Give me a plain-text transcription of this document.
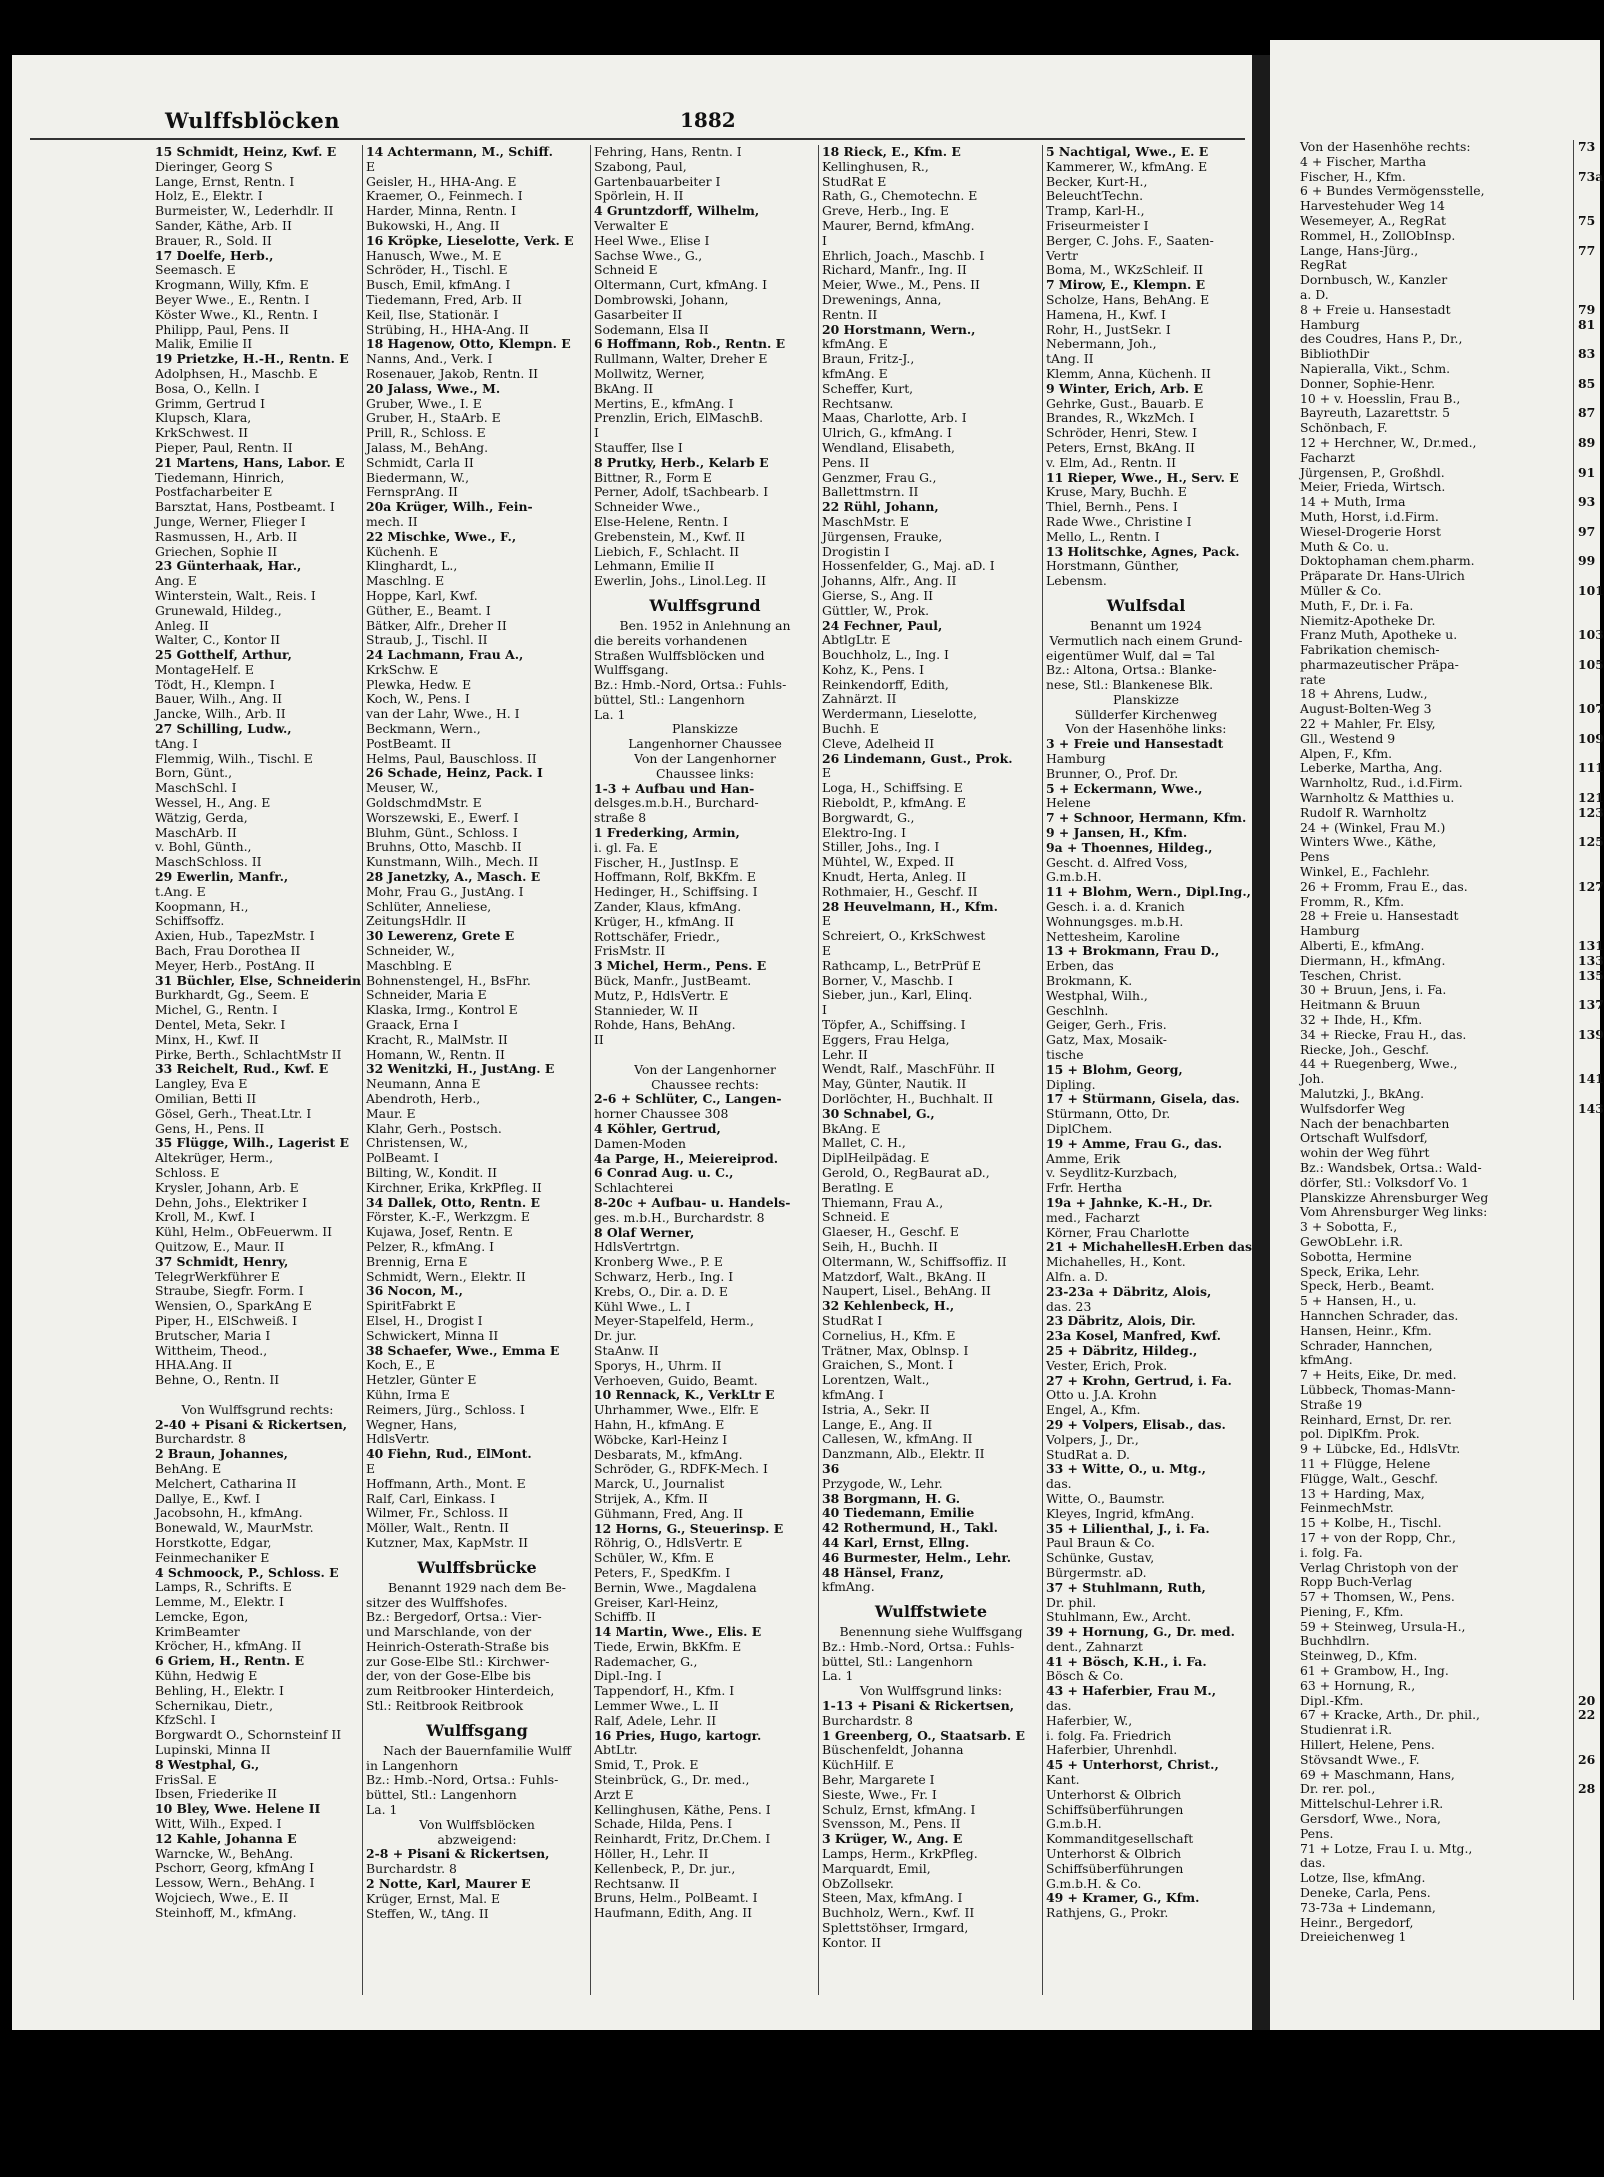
Wulffsblöcken	1882
15 Schmidt, Heinz, Kwf. E
Dieringer, Georg S
Lange, Ernst, Rentn. I
Holz, E., Elektr. I
Burmeister, W., Lederhdlr. II
Sander, Käthe, Arb. II
Brauer, R., Sold. II
17 Doelfe, Herb.,
Seemasch. E
Krogmann, Willy, Kfm. E
Beyer Wwe., E., Rentn. I
Köster Wwe., Kl., Rentn. I
Philipp, Paul, Pens. II
Malik, Emilie II
19 Prietzke, H.-H., Rentn. E
Adolphsen, H., Maschb. E
Bosa, O., Kelln. I
Grimm, Gertrud I
Klupsch, Klara,
KrkSchwest. II
Pieper, Paul, Rentn. II
21 Martens, Hans, Labor. E
Tiedemann, Hinrich,
Postfacharbeiter E
Barsztat, Hans, Postbeamt. I
Junge, Werner, Flieger I
Rasmussen, H., Arb. II
Griechen, Sophie II
23 Günterhaak, Har.,
Ang. E
Winterstein, Walt., Reis. I
Grunewald, Hildeg.,
Anleg. II
Walter, C., Kontor II
25 Gotthelf, Arthur,
MontageHelf. E
Tödt, H., Klempn. I
Bauer, Wilh., Ang. II
Jancke, Wilh., Arb. II
27 Schilling, Ludw.,
tAng. I
Flemmig, Wilh., Tischl. E
Born, Günt.,
MaschSchl. I
Wessel, H., Ang. E
Wätzig, Gerda,
MaschArb. II
v. Bohl, Günth.,
MaschSchloss. II
29 Ewerlin, Manfr.,
t.Ang. E
Koopmann, H.,
Schiffsoffz.
Axien, Hub., TapezMstr. I
Bach, Frau Dorothea II
Meyer, Herb., PostAng. II
31 Büchler, Else, Schneiderin
Burkhardt, Gg., Seem. E
Michel, G., Rentn. I
Dentel, Meta, Sekr. I
Minx, H., Kwf. II
Pirke, Berth., SchlachtMstr II
33 Reichelt, Rud., Kwf. E
Langley, Eva E
Omilian, Betti II
Gösel, Gerh., Theat.Ltr. I
Gens, H., Pens. II
35 Flügge, Wilh., Lagerist E
Altekrüger, Herm.,
Schloss. E
Krysler, Johann, Arb. E
Dehn, Johs., Elektriker I
Kroll, M., Kwf. I
Kühl, Helm., ObFeuerwm. II
Quitzow, E., Maur. II
37 Schmidt, Henry,
TelegrWerkführer E
Straube, Siegfr. Form. I
Wensien, O., SparkAng E
Piper, H., ElSchweiß. I
Brutscher, Maria I
Wittheim, Theod.,
HHA.Ang. II
Behne, O., Rentn. II
Von Wulffsgrund rechts:
2-40 + Pisani & Rickertsen,
Burchardstr. 8
2 Braun, Johannes,
BehAng. E
Melchert, Catharina II
Dallye, E., Kwf. I
Jacobsohn, H., kfmAng.
Bonewald, W., MaurMstr.
Horstkotte, Edgar,
Feinmechaniker E
4 Schmoock, P., Schloss. E
Lamps, R., Schrifts. E
Lemme, M., Elektr. I
Lemcke, Egon,
KrimBeamter
Kröcher, H., kfmAng. II
6 Griem, H., Rentn. E
Kühn, Hedwig E
Behling, H., Elektr. I
Schernikau, Dietr.,
KfzSchl. I
Borgwardt O., Schornsteinf II
Lupinski, Minna II
8 Westphal, G.,
FrisSal. E
Ibsen, Friederike II
10 Bley, Wwe. Helene II
Witt, Wilh., Exped. I
12 Kahle, Johanna E
Warncke, W., BehAng.
Pschorr, Georg, kfmAng I
Lessow, Wern., BehAng. I
Wojciech, Wwe., E. II
Steinhoff, M., kfmAng.
14 Achtermann, M., Schiff.
E
Geisler, H., HHA-Ang. E
Kraemer, O., Feinmech. I
Harder, Minna, Rentn. I
Bukowski, H., Ang. II
16 Kröpke, Lieselotte, Verk. E
Hanusch, Wwe., M. E
Schröder, H., Tischl. E
Busch, Emil, kfmAng. I
Tiedemann, Fred, Arb. II
Keil, Ilse, Stationär. I
Strübing, H., HHA-Ang. II
18 Hagenow, Otto, Klempn. E
Nanns, And., Verk. I
Rosenauer, Jakob, Rentn. II
20 Jalass, Wwe., M.
Gruber, Wwe., I. E
Gruber, H., StaArb. E
Prill, R., Schloss. E
Jalass, M., BehAng.
Schmidt, Carla II
Biedermann, W.,
FernsprAng. II
20a Krüger, Wilh., Fein-
mech. II
22 Mischke, Wwe., F.,
Küchenh. E
Klinghardt, L.,
Maschlng. E
Hoppe, Karl, Kwf.
Güther, E., Beamt. I
Bätker, Alfr., Dreher II
Straub, J., Tischl. II
24 Lachmann, Frau A.,
KrkSchw. E
Plewka, Hedw. E
Koch, W., Pens. I
van der Lahr, Wwe., H. I
Beckmann, Wern.,
PostBeamt. II
Helms, Paul, Bauschloss. II
26 Schade, Heinz, Pack. I
Meuser, W.,
GoldschmdMstr. E
Worszewski, E., Ewerf. I
Bluhm, Günt., Schloss. I
Bruhns, Otto, Maschb. II
Kunstmann, Wilh., Mech. II
28 Janetzky, A., Masch. E
Mohr, Frau G., JustAng. I
Schlüter, Anneliese,
ZeitungsHdlr. II
30 Lewerenz, Grete E
Schneider, W.,
Maschblng. E
Bohnenstengel, H., BsFhr.
Schneider, Maria E
Klaska, Irmg., Kontrol E
Graack, Erna I
Kracht, R., MalMstr. II
Homann, W., Rentn. II
32 Wenitzki, H., JustAng. E
Neumann, Anna E
Abendroth, Herb.,
Maur. E
Klahr, Gerh., Postsch.
Christensen, W.,
PolBeamt. I
Bilting, W., Kondit. II
Kirchner, Erika, KrkPfleg. II
34 Dallek, Otto, Rentn. E
Förster, K.-F., Werkzgm. E
Kujawa, Josef, Rentn. E
Pelzer, R., kfmAng. I
Brennig, Erna E
Schmidt, Wern., Elektr. II
36 Nocon, M.,
SpiritFabrkt E
Elsel, H., Drogist I
Schwickert, Minna II
38 Schaefer, Wwe., Emma E
Koch, E., E
Hetzler, Günter E
Kühn, Irma E
Reimers, Jürg., Schloss. I
Wegner, Hans,
HdlsVertr.
40 Fiehn, Rud., ElMont.
E
Hoffmann, Arth., Mont. E
Ralf, Carl, Einkass. I
Wilmer, Fr., Schloss. II
Möller, Walt., Rentn. II
Kutzner, Max, KapMstr. II
Wulffsbrücke
Benannt 1929 nach dem Be-
sitzer des Wulffshofes.
Bz.: Bergedorf, Ortsa.: Vier-
und Marschlande, von der
Heinrich-Osterath-Straße bis
zur Gose-Elbe Stl.: Kirchwer-
der, von der Gose-Elbe bis
zum Reitbrooker Hinterdeich,
Stl.: Reitbrook Reitbrook
Wulffsgang
Nach der Bauernfamilie Wulff
in Langenhorn
Bz.: Hmb.-Nord, Ortsa.: Fuhls-
büttel, Stl.: Langenhorn
La. 1
Von Wulffsblöcken
abzweigend:
2-8 + Pisani & Rickertsen,
Burchardstr. 8
2 Notte, Karl, Maurer E
Krüger, Ernst, Mal. E
Steffen, W., tAng. II
Fehring, Hans, Rentn. I
Szabong, Paul,
Gartenbauarbeiter I
Spörlein, H. II
4 Gruntzdorff, Wilhelm,
Verwalter E
Heel Wwe., Elise I
Sachse Wwe., G.,
Schneid E
Oltermann, Curt, kfmAng. I
Dombrowski, Johann,
Gasarbeiter II
Sodemann, Elsa II
6 Hoffmann, Rob., Rentn. E
Rullmann, Walter, Dreher E
Mollwitz, Werner,
BkAng. II
Mertins, E., kfmAng. I
Prenzlin, Erich, ElMaschB.
I
Stauffer, Ilse I
8 Prutky, Herb., Kelarb E
Bittner, R., Form E
Perner, Adolf, tSachbearb. I
Schneider Wwe.,
Else-Helene, Rentn. I
Grebenstein, M., Kwf. II
Liebich, F., Schlacht. II
Lehmann, Emilie II
Ewerlin, Johs., Linol.Leg. II
Wulffsgrund
Ben. 1952 in Anlehnung an
die bereits vorhandenen
Straßen Wulffsblöcken und
Wulffsgang.
Bz.: Hmb.-Nord, Ortsa.: Fuhls-
büttel, Stl.: Langenhorn
La. 1
Planskizze
Langenhorner Chaussee
Von der Langenhorner
Chaussee links:
1-3 + Aufbau und Han-
delsges.m.b.H., Burchard-
straße 8
1 Frederking, Armin,
i. gl. Fa. E
Fischer, H., JustInsp. E
Hoffmann, Rolf, BkKfm. E
Hedinger, H., Schiffsing. I
Zander, Klaus, kfmAng.
Krüger, H., kfmAng. II
Rottschäfer, Friedr.,
FrisMstr. II
3 Michel, Herm., Pens. E
Bück, Manfr., JustBeamt.
Mutz, P., HdlsVertr. E
Stannieder, W. II
Rohde, Hans, BehAng.
II
Von der Langenhorner
Chaussee rechts:
2-6 + Schlüter, C., Langen-
horner Chaussee 308
4 Köhler, Gertrud,
Damen-Moden
4a Parge, H., Meiereiprod.
6 Conrad Aug. u. C.,
Schlachterei
8-20c + Aufbau- u. Handels-
ges. m.b.H., Burchardstr. 8
8 Olaf Werner,
HdlsVertrtgn.
Kronberg Wwe., P. E
Schwarz, Herb., Ing. I
Krebs, O., Dir. a. D. E
Kühl Wwe., L. I
Meyer-Stapelfeld, Herm.,
Dr. jur.
StaAnw. II
Sporys, H., Uhrm. II
Verhoeven, Guido, Beamt.
10 Rennack, K., VerkLtr E
Uhrhammer, Wwe., Elfr. E
Hahn, H., kfmAng. E
Wöbcke, Karl-Heinz I
Desbarats, M., kfmAng.
Schröder, G., RDFK-Mech. I
Marck, U., Journalist
Strijek, A., Kfm. II
Gühmann, Fred, Ang. II
12 Horns, G., Steuerinsp. E
Röhrig, O., HdlsVertr. E
Schüler, W., Kfm. E
Peters, F., SpedKfm. I
Bernin, Wwe., Magdalena
Greiser, Karl-Heinz,
Schiffb. II
14 Martin, Wwe., Elis. E
Tiede, Erwin, BkKfm. E
Rademacher, G.,
Dipl.-Ing. I
Tappendorf, H., Kfm. I
Lemmer Wwe., L. II
Ralf, Adele, Lehr. II
16 Pries, Hugo, kartogr.
AbtLtr.
Smid, T., Prok. E
Steinbrück, G., Dr. med.,
Arzt E
Kellinghusen, Käthe, Pens. I
Schade, Hilda, Pens. I
Reinhardt, Fritz, Dr.Chem. I
Höller, H., Lehr. II
Kellenbeck, P., Dr. jur.,
Rechtsanw. II
Bruns, Helm., PolBeamt. I
Haufmann, Edith, Ang. II
18 Rieck, E., Kfm. E
Kellinghusen, R.,
StudRat E
Rath, G., Chemotechn. E
Greve, Herb., Ing. E
Maurer, Bernd, kfmAng.
I
Ehrlich, Joach., Maschb. I
Richard, Manfr., Ing. II
Meier, Wwe., M., Pens. II
Drewenings, Anna,
Rentn. II
20 Horstmann, Wern.,
kfmAng. E
Braun, Fritz-J.,
kfmAng. E
Scheffer, Kurt,
Rechtsanw.
Maas, Charlotte, Arb. I
Ulrich, G., kfmAng. I
Wendland, Elisabeth,
Pens. II
Genzmer, Frau G.,
Ballettmstrn. II
22 Rühl, Johann,
MaschMstr. E
Jürgensen, Frauke,
Drogistin I
Hossenfelder, G., Maj. aD. I
Johanns, Alfr., Ang. II
Gierse, S., Ang. II
Güttler, W., Prok.
24 Fechner, Paul,
AbtlgLtr. E
Bouchholz, L., Ing. I
Kohz, K., Pens. I
Reinkendorff, Edith,
Zahnärzt. II
Werdermann, Lieselotte,
Buchh. E
Cleve, Adelheid II
26 Lindemann, Gust., Prok.
E
Loga, H., Schiffsing. E
Rieboldt, P., kfmAng. E
Borgwardt, G.,
Elektro-Ing. I
Stiller, Johs., Ing. I
Mühtel, W., Exped. II
Knudt, Herta, Anleg. II
Rothmaier, H., Geschf. II
28 Heuvelmann, H., Kfm.
E
Schreiert, O., KrkSchwest
E
Rathcamp, L., BetrPrüf E
Borner, V., Maschb. I
Sieber, jun., Karl, Elinq.
I
Töpfer, A., Schiffsing. I
Eggers, Frau Helga,
Lehr. II
Wendt, Ralf., MaschFühr. II
May, Günter, Nautik. II
Dorlöchter, H., Buchhalt. II
30 Schnabel, G.,
BkAng. E
Mallet, C. H.,
DiplHeilpädag. E
Gerold, O., RegBaurat aD.,
Beratlng. E
Thiemann, Frau A.,
Schneid. E
Glaeser, H., Geschf. E
Seih, H., Buchh. II
Oltermann, W., Schiffsoffiz. II
Matzdorf, Walt., BkAng. II
Naupert, Lisel., BehAng. II
32 Kehlenbeck, H.,
StudRat I
Cornelius, H., Kfm. E
Trätner, Max, Oblnsp. I
Graichen, S., Mont. I
Lorentzen, Walt.,
kfmAng. I
Istria, A., Sekr. II
Lange, E., Ang. II
Callesen, W., kfmAng. II
Danzmann, Alb., Elektr. II
36
Przygode, W., Lehr.
38 Borgmann, H. G.
40 Tiedemann, Emilie
42 Rothermund, H., Takl.
44 Karl, Ernst, Ellng.
46 Burmester, Helm., Lehr.
48 Hänsel, Franz,
kfmAng.
Wulffstwiete
Benennung siehe Wulffsgang
Bz.: Hmb.-Nord, Ortsa.: Fuhls-
büttel, Stl.: Langenhorn
La. 1
Von Wulffsgrund links:
1-13 + Pisani & Rickertsen,
Burchardstr. 8
1 Greenberg, O., Staatsarb. E
Büschenfeldt, Johanna
KüchHilf. E
Behr, Margarete I
Sieste, Wwe., Fr. I
Schulz, Ernst, kfmAng. I
Svensson, M., Pens. II
3 Krüger, W., Ang. E
Lamps, Herm., KrkPfleg.
Marquardt, Emil,
ObZollsekr.
Steen, Max, kfmAng. I
Buchholz, Wern., Kwf. II
Splettstöhser, Irmgard,
Kontor. II
5 Nachtigal, Wwe., E. E
Kammerer, W., kfmAng. E
Becker, Kurt-H.,
BeleuchtTechn.
Tramp, Karl-H.,
Friseurmeister I
Berger, C. Johs. F., Saaten-
Vertr
Boma, M., WKzSchleif. II
7 Mirow, E., Klempn. E
Scholze, Hans, BehAng. E
Hamena, H., Kwf. I
Rohr, H., JustSekr. I
Nebermann, Joh.,
tAng. II
Klemm, Anna, Küchenh. II
9 Winter, Erich, Arb. E
Gehrke, Gust., Bauarb. E
Brandes, R., WkzMch. I
Schröder, Henri, Stew. I
Peters, Ernst, BkAng. II
v. Elm, Ad., Rentn. II
11 Rieper, Wwe., H., Serv. E
Kruse, Mary, Buchh. E
Thiel, Bernh., Pens. I
Rade Wwe., Christine I
Mello, L., Rentn. I
13 Holitschke, Agnes, Pack.
Horstmann, Günther,
Lebensm.
Wulfsdal
Benannt um 1924
Vermutlich nach einem Grund-
eigentümer Wulf, dal = Tal
Bz.: Altona, Ortsa.: Blanke-
nese, Stl.: Blankenese Blk.
Planskizze
Süllderfer Kirchenweg
Von der Hasenhöhe links:
3 + Freie und Hansestadt
Hamburg
Brunner, O., Prof. Dr.
5 + Eckermann, Wwe.,
Helene
7 + Schnoor, Hermann, Kfm.
9 + Jansen, H., Kfm.
9a + Thoennes, Hildeg.,
Gescht. d. Alfred Voss,
G.m.b.H.
11 + Blohm, Wern., Dipl.Ing.,
Gesch. i. a. d. Kranich
Wohnungsges. m.b.H.
Nettesheim, Karoline
13 + Brokmann, Frau D.,
Erben, das
Brokmann, K.
Westphal, Wilh.,
Geschlnh.
Geiger, Gerh., Fris.
Gatz, Max, Mosaik-
tische
15 + Blohm, Georg,
Dipling.
17 + Stürmann, Gisela, das.
Stürmann, Otto, Dr.
DiplChem.
19 + Amme, Frau G., das.
Amme, Erik
v. Seydlitz-Kurzbach,
Frfr. Hertha
19a + Jahnke, K.-H., Dr.
med., Facharzt
Körner, Frau Charlotte
21 + MichahellesH.Erben das
Michahelles, H., Kont.
Alfn. a. D.
23-23a + Däbritz, Alois,
das. 23
23 Däbritz, Alois, Dir.
23a Kosel, Manfred, Kwf.
25 + Däbritz, Hildeg.,
Vester, Erich, Prok.
27 + Krohn, Gertrud, i. Fa.
Otto u. J.A. Krohn
Engel, A., Kfm.
29 + Volpers, Elisab., das.
Volpers, J., Dr.,
StudRat a. D.
33 + Witte, O., u. Mtg.,
das.
Witte, O., Baumstr.
Kleyes, Ingrid, kfmAng.
35 + Lilienthal, J., i. Fa.
Paul Braun & Co.
Schünke, Gustav,
Bürgermstr. aD.
37 + Stuhlmann, Ruth,
Dr. phil.
Stuhlmann, Ew., Archt.
39 + Hornung, G., Dr. med.
dent., Zahnarzt
41 + Bösch, K.H., i. Fa.
Bösch & Co.
43 + Haferbier, Frau M.,
das.
Haferbier, W.,
i. folg. Fa. Friedrich
Haferbier, Uhrenhdl.
45 + Unterhorst, Christ.,
Kant.
Unterhorst & Olbrich
Schiffsüberführungen
G.m.b.H.
Kommanditgesellschaft
Unterhorst & Olbrich
Schiffsüberführungen
G.m.b.H. & Co.
49 + Kramer, G., Kfm.
Rathjens, G., Prokr.
Von der Hasenhöhe rechts:
4 + Fischer, Martha
Fischer, H., Kfm.
6 + Bundes Vermögensstelle,
Harvestehuder Weg 14
Wesemeyer, A., RegRat
Rommel, H., ZollObInsp.
Lange, Hans-Jürg.,
RegRat
Dornbusch, W., Kanzler
a. D.
8 + Freie u. Hansestadt
Hamburg
des Coudres, Hans P., Dr.,
BibliothDir
Napieralla, Vikt., Schm.
Donner, Sophie-Henr.
10 + v. Hoesslin, Frau B.,
Bayreuth, Lazarettstr. 5
Schönbach, F.
12 + Herchner, W., Dr.med.,
Facharzt
Jürgensen, P., Großhdl.
Meier, Frieda, Wirtsch.
14 + Muth, Irma
Muth, Horst, i.d.Firm.
Wiesel-Drogerie Horst
Muth & Co. u.
Doktophaman chem.pharm.
Präparate Dr. Hans-Ulrich
Müller & Co.
Muth, F., Dr. i. Fa.
Niemitz-Apotheke Dr.
Franz Muth, Apotheke u.
Fabrikation chemisch-
pharmazeutischer Präpa-
rate
18 + Ahrens, Ludw.,
August-Bolten-Weg 3
22 + Mahler, Fr. Elsy,
Gll., Westend 9
Alpen, F., Kfm.
Leberke, Martha, Ang.
Warnholtz, Rud., i.d.Firm.
Warnholtz & Matthies u.
Rudolf R. Warnholtz
24 + (Winkel, Frau M.)
Winters Wwe., Käthe,
Pens
Winkel, E., Fachlehr.
26 + Fromm, Frau E., das.
Fromm, R., Kfm.
28 + Freie u. Hansestadt
Hamburg
Alberti, E., kfmAng.
Diermann, H., kfmAng.
Teschen, Christ.
30 + Bruun, Jens, i. Fa.
Heitmann & Bruun
32 + Ihde, H., Kfm.
34 + Riecke, Frau H., das.
Riecke, Joh., Geschf.
44 + Ruegenberg, Wwe.,
Joh.
Malutzki, J., BkAng.
Wulfsdorfer Weg
Nach der benachbarten
Ortschaft Wulfsdorf,
wohin der Weg führt
Bz.: Wandsbek, Ortsa.: Wald-
dörfer, Stl.: Volksdorf Vo. 1
Planskizze Ahrensburger Weg
Vom Ahrensburger Weg links:
3 + Sobotta, F.,
GewObLehr. i.R.
Sobotta, Hermine
Speck, Erika, Lehr.
Speck, Herb., Beamt.
5 + Hansen, H., u.
Hannchen Schrader, das.
Hansen, Heinr., Kfm.
Schrader, Hannchen,
kfmAng.
7 + Heits, Eike, Dr. med.
Lübbeck, Thomas-Mann-
Straße 19
Reinhard, Ernst, Dr. rer.
pol. DiplKfm. Prok.
9 + Lübcke, Ed., HdlsVtr.
11 + Flügge, Helene
Flügge, Walt., Geschf.
13 + Harding, Max,
FeinmechMstr.
15 + Kolbe, H., Tischl.
17 + von der Ropp, Chr.,
i. folg. Fa.
Verlag Christoph von der
Ropp Buch-Verlag
57 + Thomsen, W., Pens.
Piening, F., Kfm.
59 + Steinweg, Ursula-H.,
Buchhdlrn.
Steinweg, D., Kfm.
61 + Grambow, H., Ing.
63 + Hornung, R.,
Dipl.-Kfm.
67 + Kracke, Arth., Dr. phil.,
Studienrat i.R.
Hillert, Helene, Pens.
Stövsandt Wwe., F.
69 + Maschmann, Hans,
Dr. rer. pol.,
Mittelschul-Lehrer i.R.
Gersdorf, Wwe., Nora,
Pens.
71 + Lotze, Frau I. u. Mtg.,
das.
Lotze, Ilse, kfmAng.
Deneke, Carla, Pens.
73-73a + Lindemann,
Heinr., Bergedorf,
Dreieichenweg 1
73
73a
75
77
79
81
83
85
87
89
91
93
97
99
101
103
105
107
109
111
121
123
125
127
131
133
135
137
139
141
143
20
22
26
28
